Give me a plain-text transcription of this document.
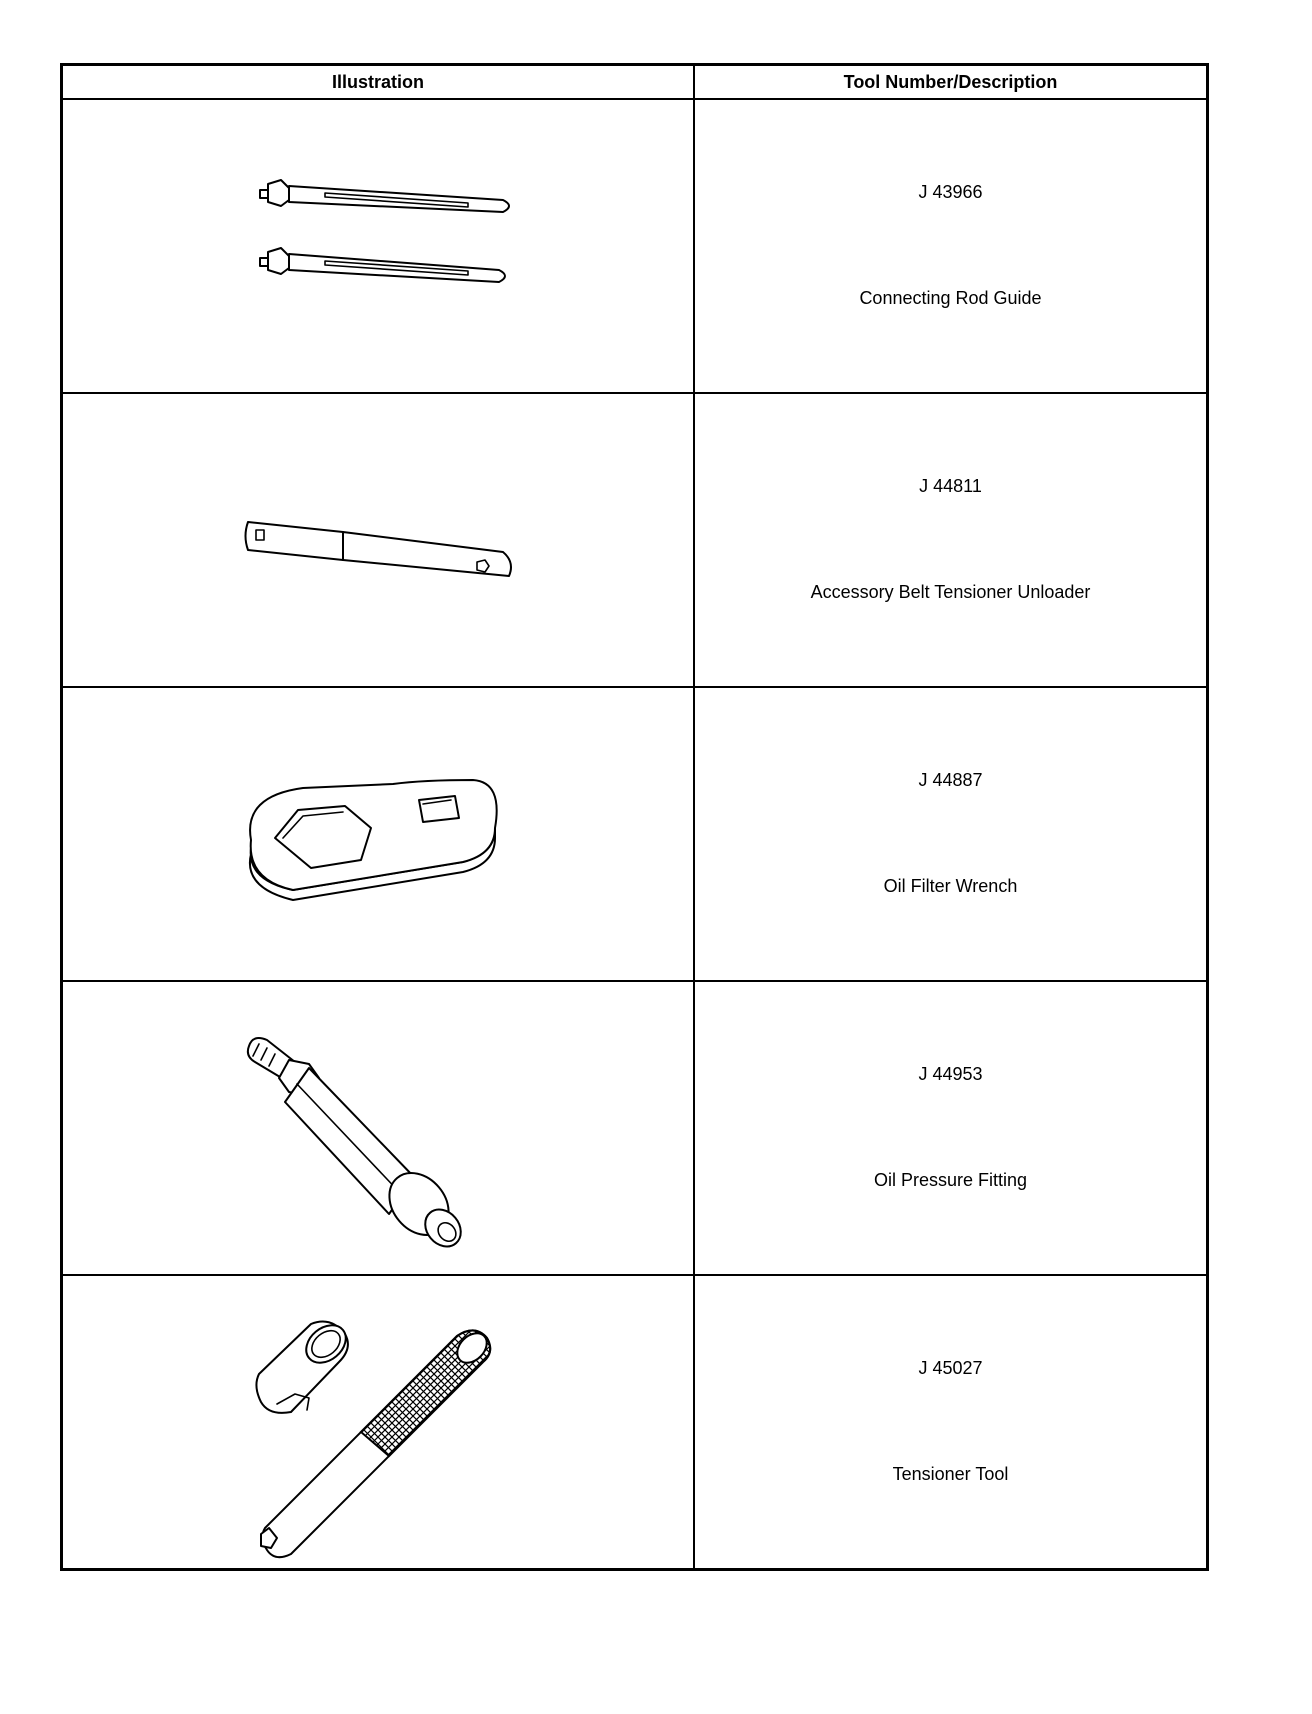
Illustration	Tool Number/Description

J 43966
Connecting Rod Guide

J 44811
Accessory Belt Tensioner Unloader

J 44887
Oil Filter Wrench

J 44953
Oil Pressure Fitting

J 45027
Tensioner Tool
